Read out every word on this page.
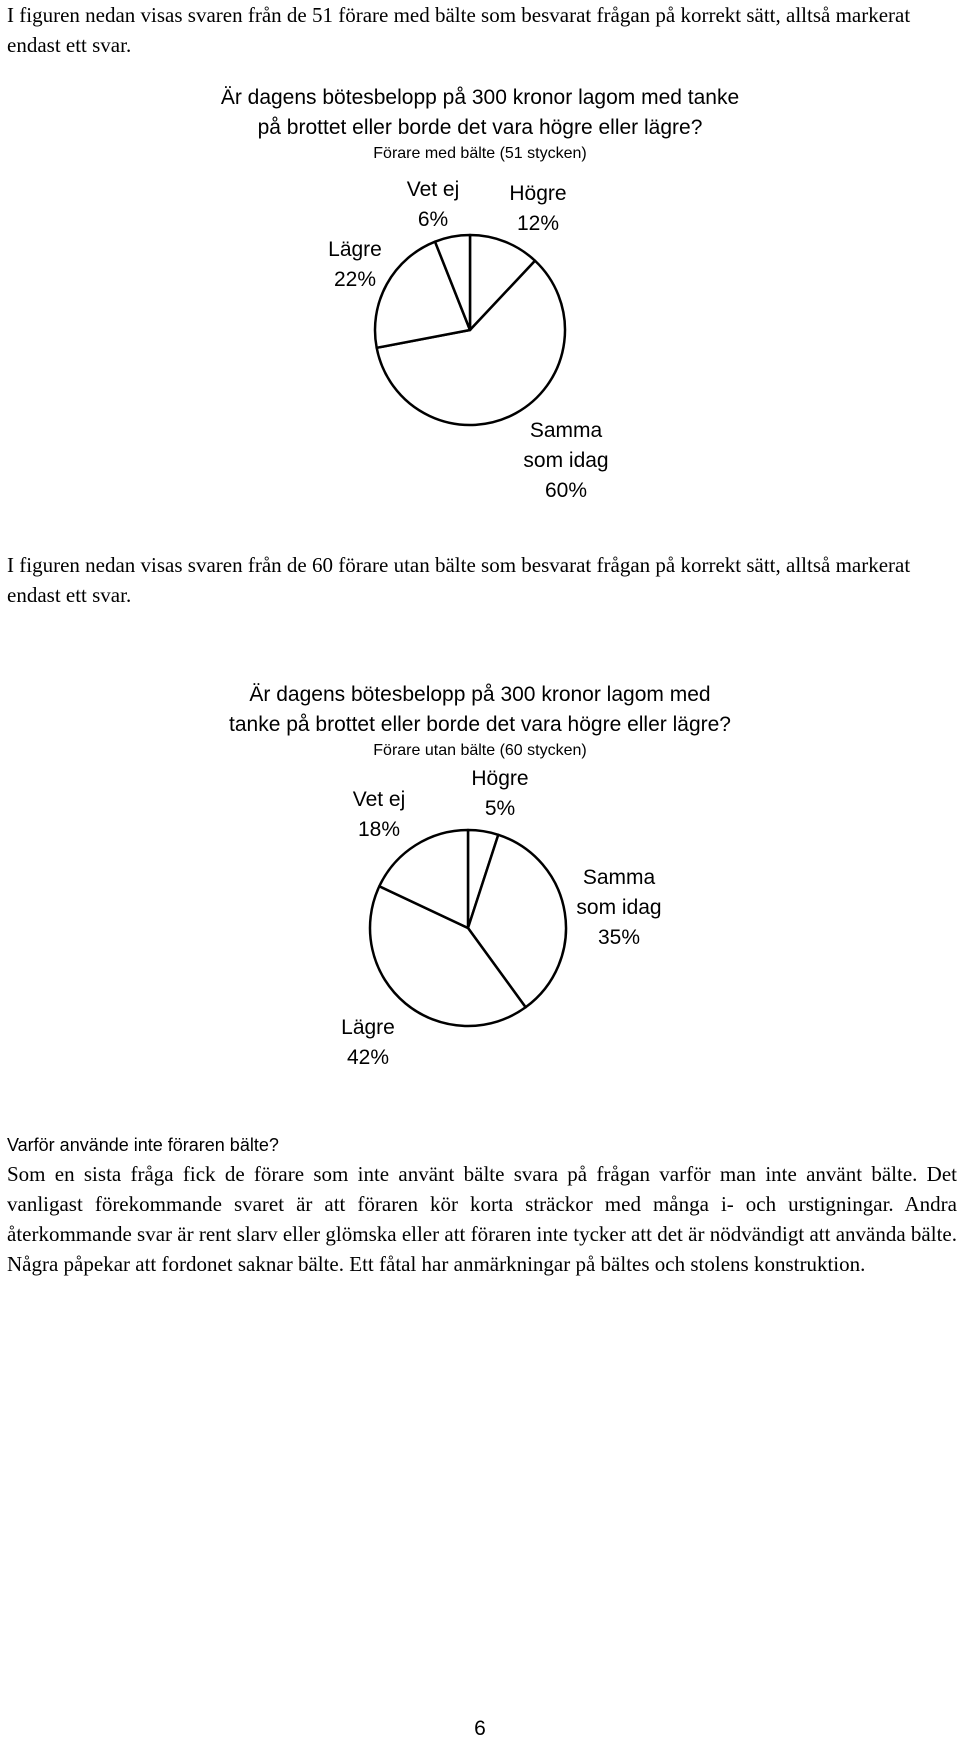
I figuren nedan visas svaren från de 51 förare med bälte som besvarat frågan på korrekt sätt, alltså markerat endast ett svar.

Är dagens bötesbelopp på 300 kronor lagom med tanke
på brottet eller borde det vara högre eller lägre?
Förare med bälte (51 stycken)
Högre 12%
Samma som idag 60%
Lägre 22%
Vet ej 6%

I figuren nedan visas svaren från de 60 förare utan bälte som besvarat frågan på korrekt sätt, alltså markerat endast ett svar.

Är dagens bötesbelopp på 300 kronor lagom med
tanke på brottet eller borde det vara högre eller lägre?
Förare utan bälte (60 stycken)
Högre 5%
Samma som idag 35%
Lägre 42%
Vet ej 18%
Varför använde inte föraren bälte?

Som en sista fråga fick de förare som inte använt bälte svara på frågan varför man inte använt bälte. Det vanligast förekommande svaret är att föraren kör korta sträckor med många i- och urstigningar. Andra återkommande svar är rent slarv eller glömska eller att föraren inte tycker att det är nödvändigt att använda bälte. Några påpekar att fordonet saknar bälte. Ett fåtal har anmärkningar på bältes och stolens konstruktion.

6
